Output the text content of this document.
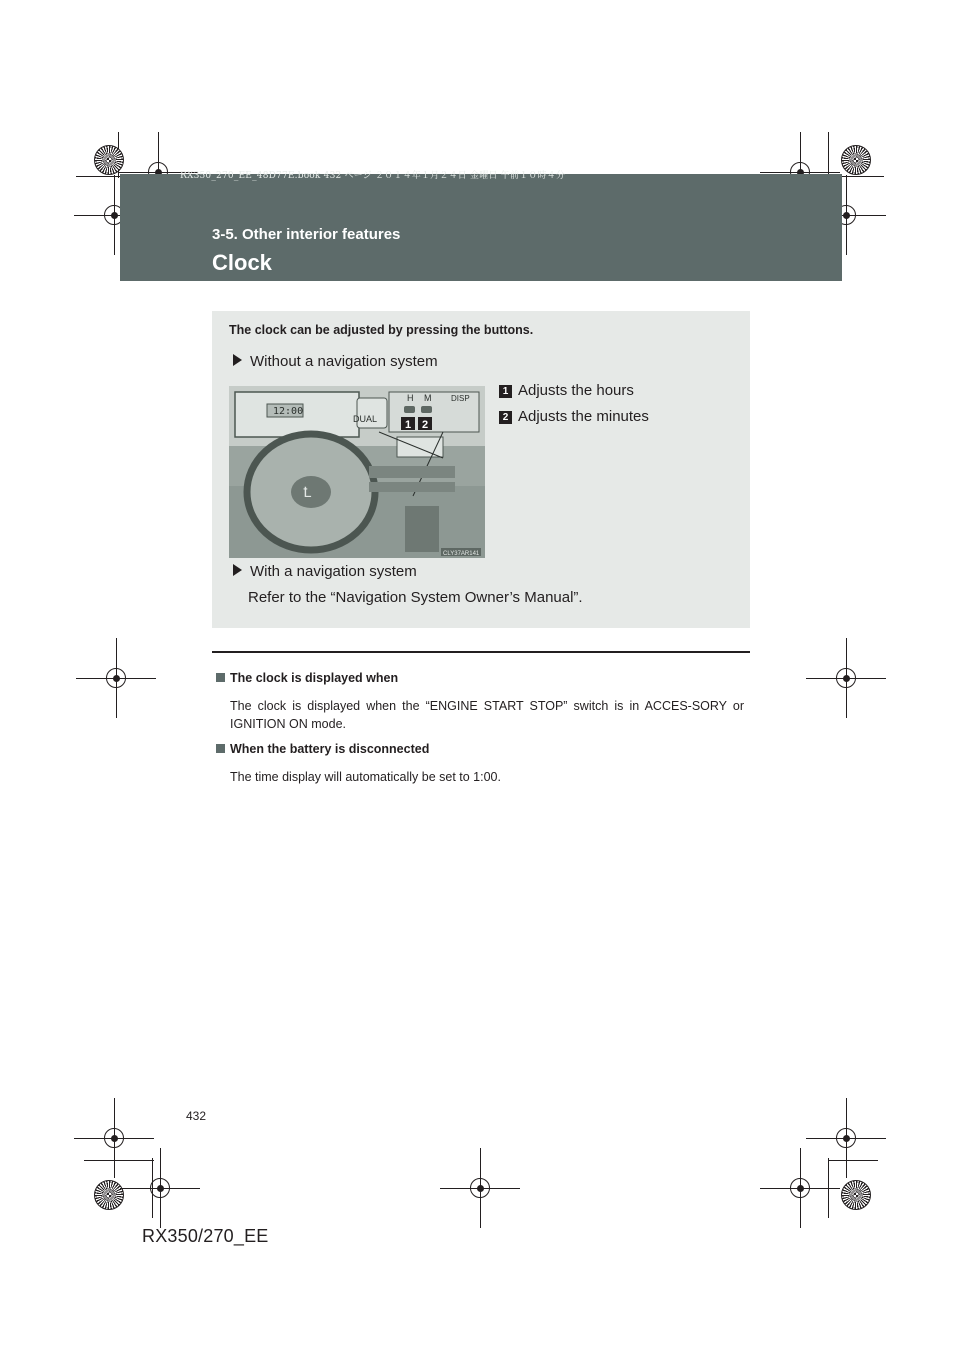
RX350_270_EE_48D77E.book 432 ページ ２０１４年１月２４日 金曜日 午前１０時４分
3-5. Other interior features
Clock
The clock can be adjusted by pressing the buttons.
Without a navigation system
12:00
DUAL
H M DISP
1 2
Ꝉ
CLY37AR141
1 Adjusts the hours
2 Adjusts the minutes
With a navigation system
Refer to the “Navigation System Owner’s Manual”.
The clock is displayed when
The clock is displayed when the “ENGINE START STOP” switch is in ACCES-SORY or IGNITION ON mode.
When the battery is disconnected
The time display will automatically be set to 1:00.
432
RX350/270_EE
